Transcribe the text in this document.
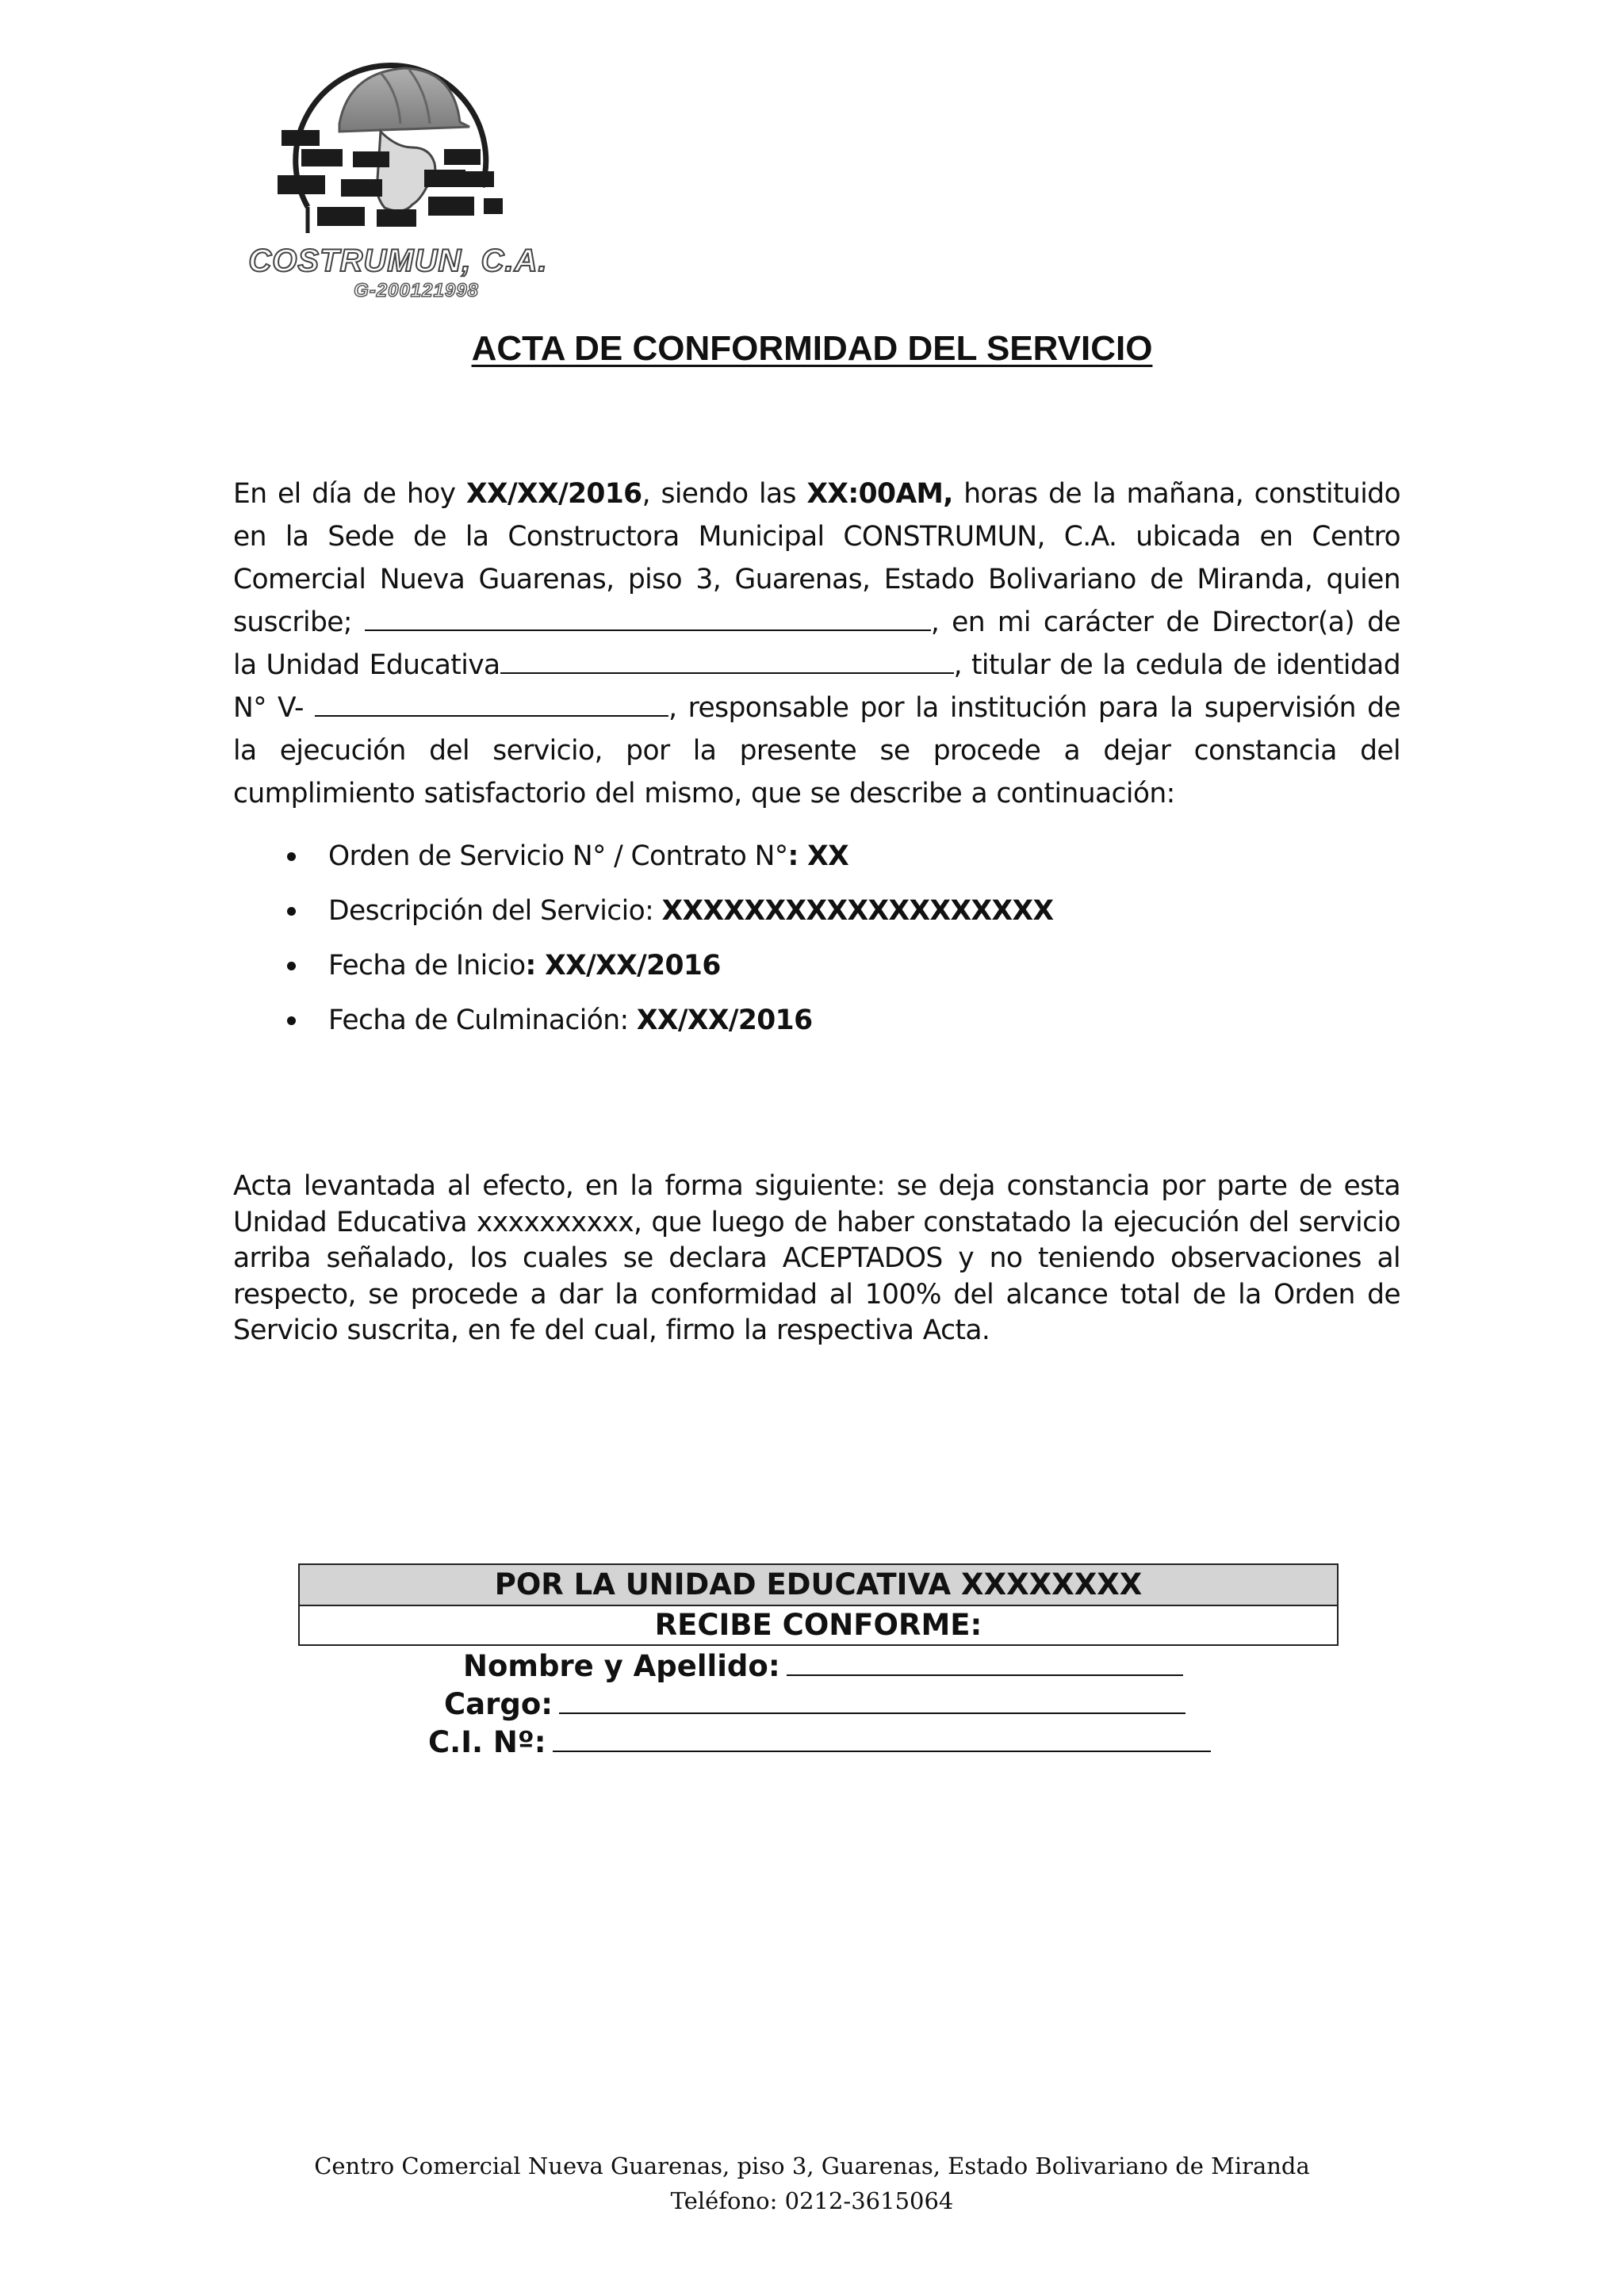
COSTRUMUN, C.A.
G-200121998
ACTA DE CONFORMIDAD DEL SERVICIO
En el día de hoy XX/XX/2016, siendo las XX:00AM, horas de la mañana, constituido en la Sede de la Constructora Municipal CONSTRUMUN, C.A. ubicada en Centro Comercial Nueva Guarenas, piso 3, Guarenas, Estado Bolivariano de Miranda, quien suscribe;	, en mi carácter de Director(a) de la Unidad Educativa	, titular de la cedula de identidad N° V-	, responsable por la institución para la supervisión de la ejecución del servicio, por la presente se procede a dejar constancia del cumplimiento satisfactorio del mismo, que se describe a continuación:
Orden de Servicio N° / Contrato N°: XX
Descripción del Servicio: XXXXXXXXXXXXXXXXXXX
Fecha de Inicio: XX/XX/2016
Fecha de Culminación: XX/XX/2016
Acta levantada al efecto, en la forma siguiente: se deja constancia por parte de esta Unidad Educativa xxxxxxxxxx, que luego de haber constatado la ejecución del servicio arriba señalado, los cuales se declara ACEPTADOS y no teniendo observaciones al respecto, se procede a dar la conformidad al 100% del alcance total de la Orden de Servicio suscrita, en fe del cual, firmo la respectiva Acta.
POR LA UNIDAD EDUCATIVA XXXXXXXX
RECIBE CONFORME:
Nombre y Apellido:
Cargo:
C.I. Nº:
Centro Comercial Nueva Guarenas, piso 3, Guarenas, Estado Bolivariano de Miranda
Teléfono: 0212-3615064
